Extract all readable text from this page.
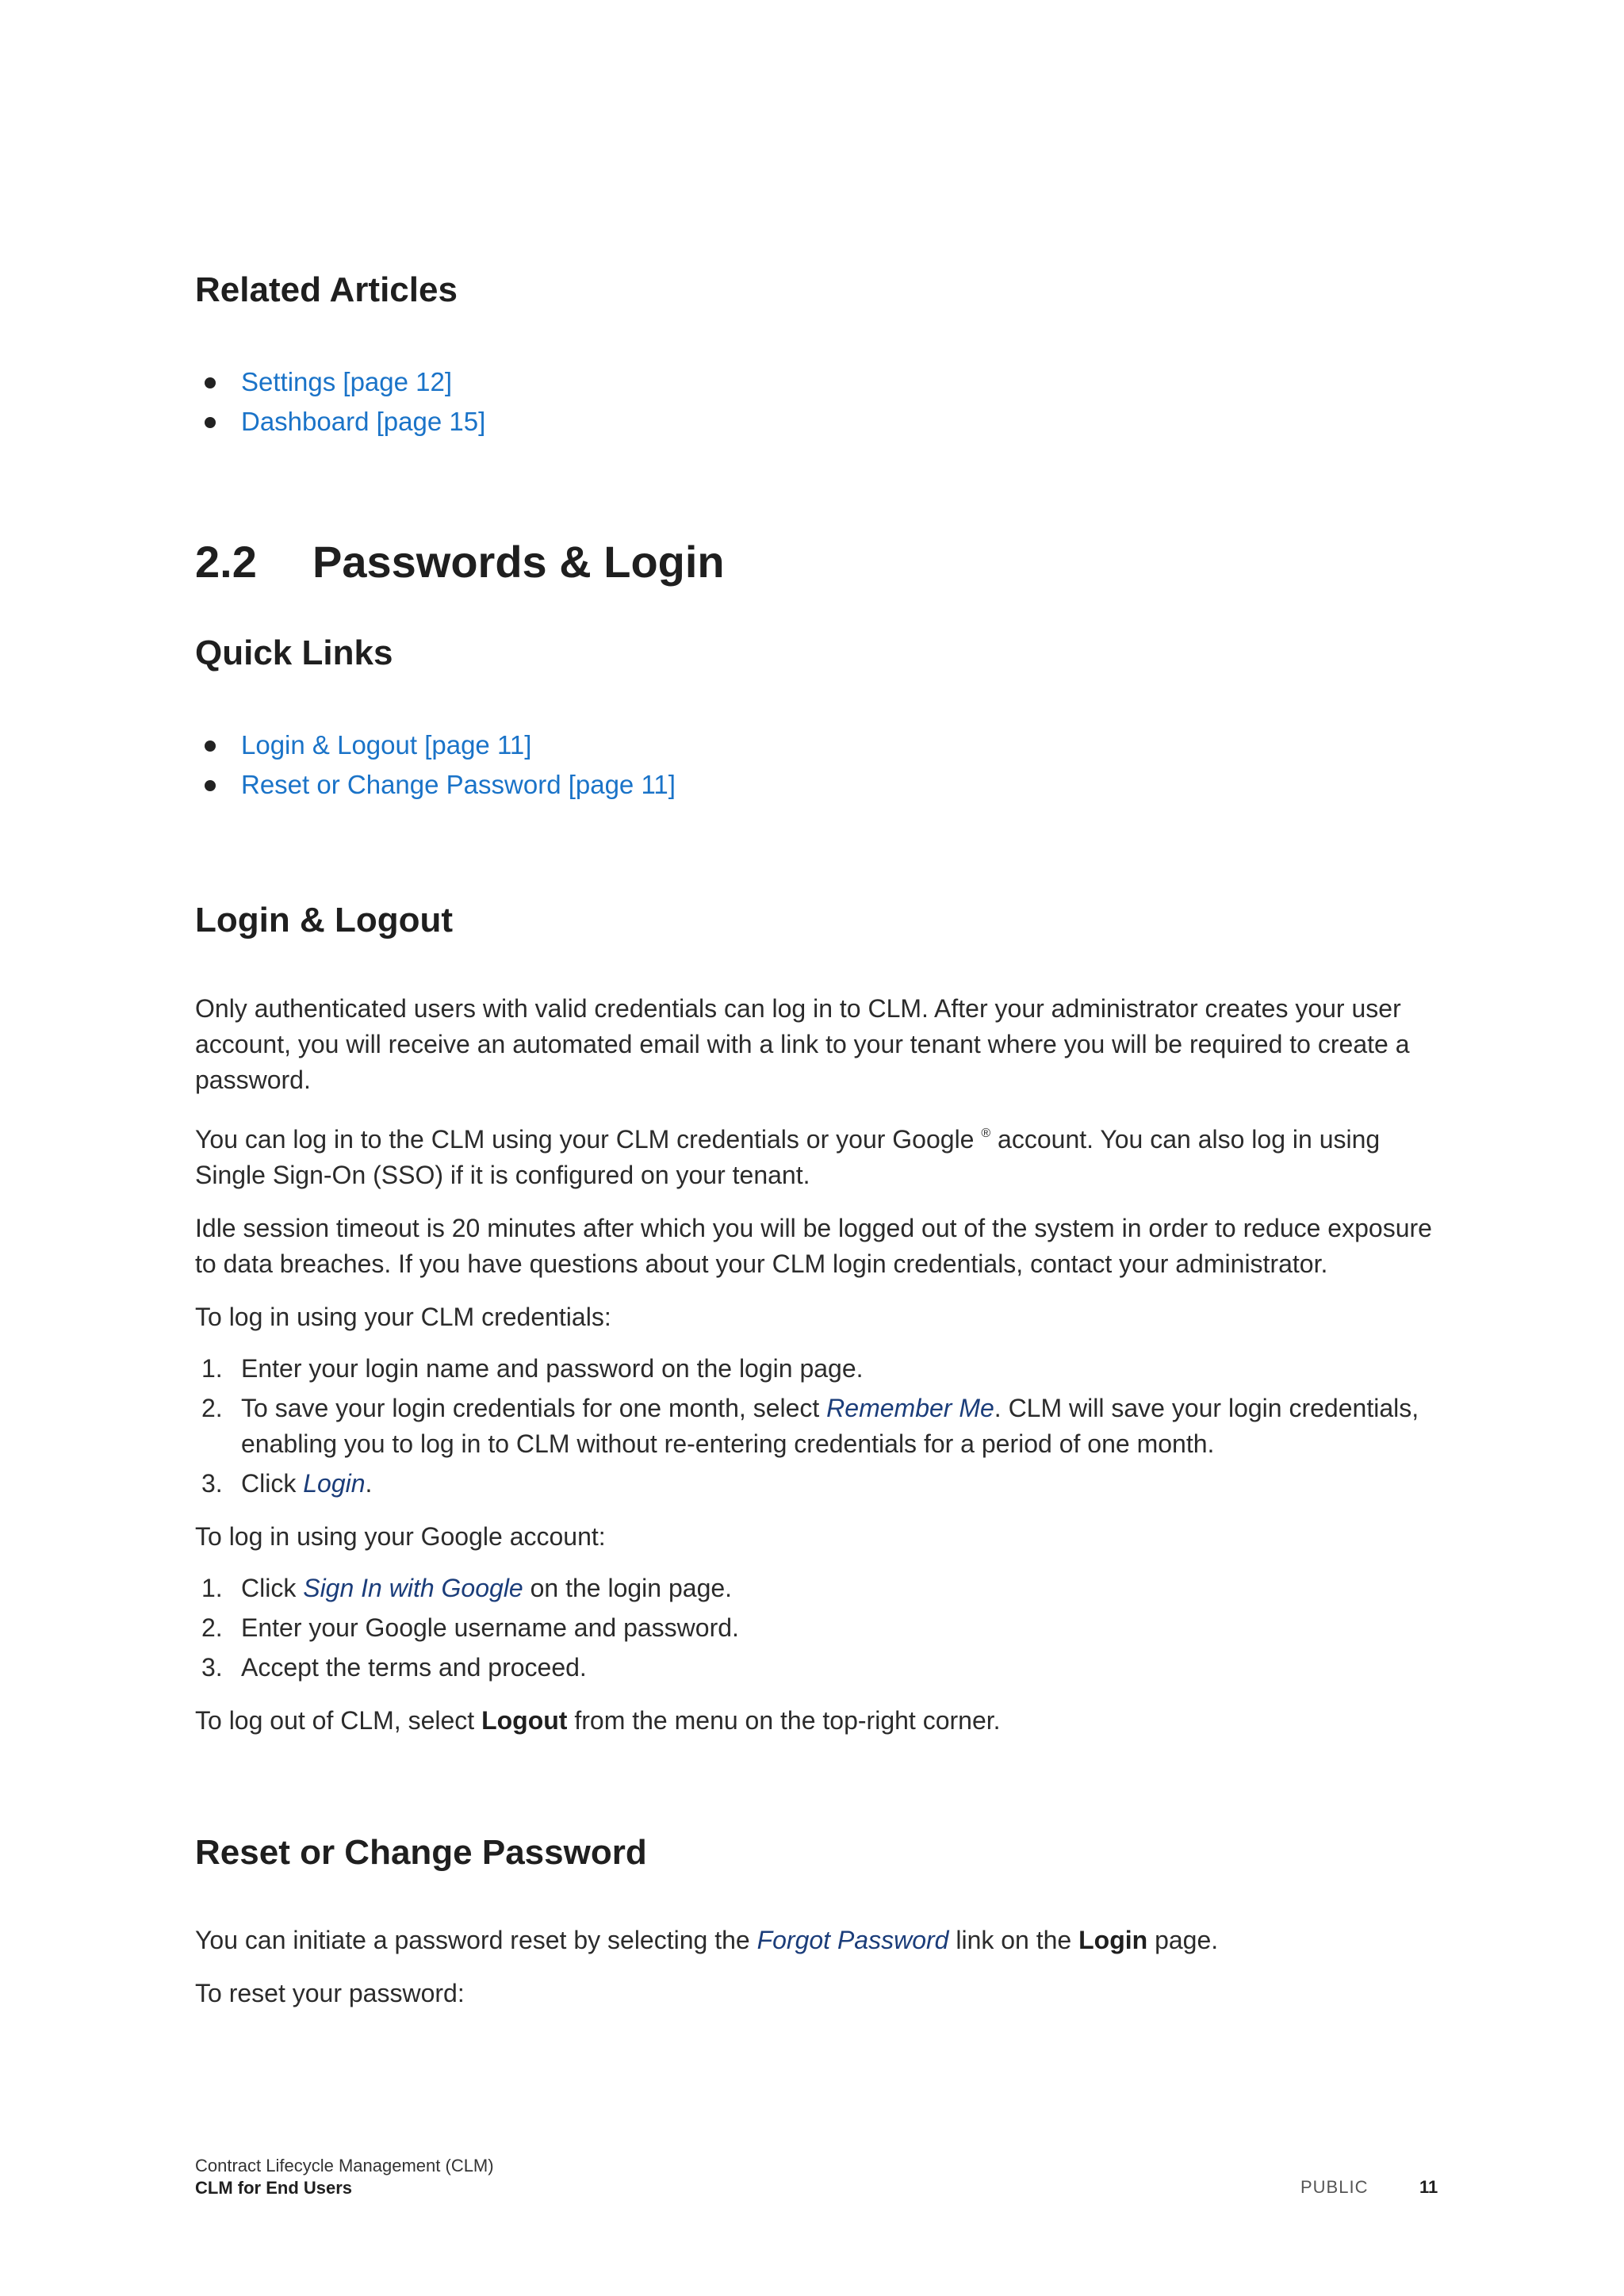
Related Articles
Settings [page 12]
Dashboard [page 15]
2.2 Passwords & Login
Quick Links
Login & Logout [page 11]
Reset or Change Password [page 11]
Login & Logout

Only authenticated users with valid credentials can log in to CLM. After your administrator creates your user account, you will receive an automated email with a link to your tenant where you will be required to create a password.

You can log in to the CLM using your CLM credentials or your Google ® account. You can also log in using Single Sign-On (SSO) if it is configured on your tenant.

Idle session timeout is 20 minutes after which you will be logged out of the system in order to reduce exposure to data breaches. If you have questions about your CLM login credentials, contact your administrator.

To log in using your CLM credentials:

1. Enter your login name and password on the login page.
2. To save your login credentials for one month, select Remember Me. CLM will save your login credentials, enabling you to log in to CLM without re-entering credentials for a period of one month.
3. Click Login.

To log in using your Google account:

1. Click Sign In with Google on the login page.
2. Enter your Google username and password.
3. Accept the terms and proceed.

To log out of CLM, select Logout from the menu on the top-right corner.

Reset or Change Password

You can initiate a password reset by selecting the Forgot Password link on the Login page.

To reset your password:

Contract Lifecycle Management (CLM)
CLM for End Users	PUBLIC	11
